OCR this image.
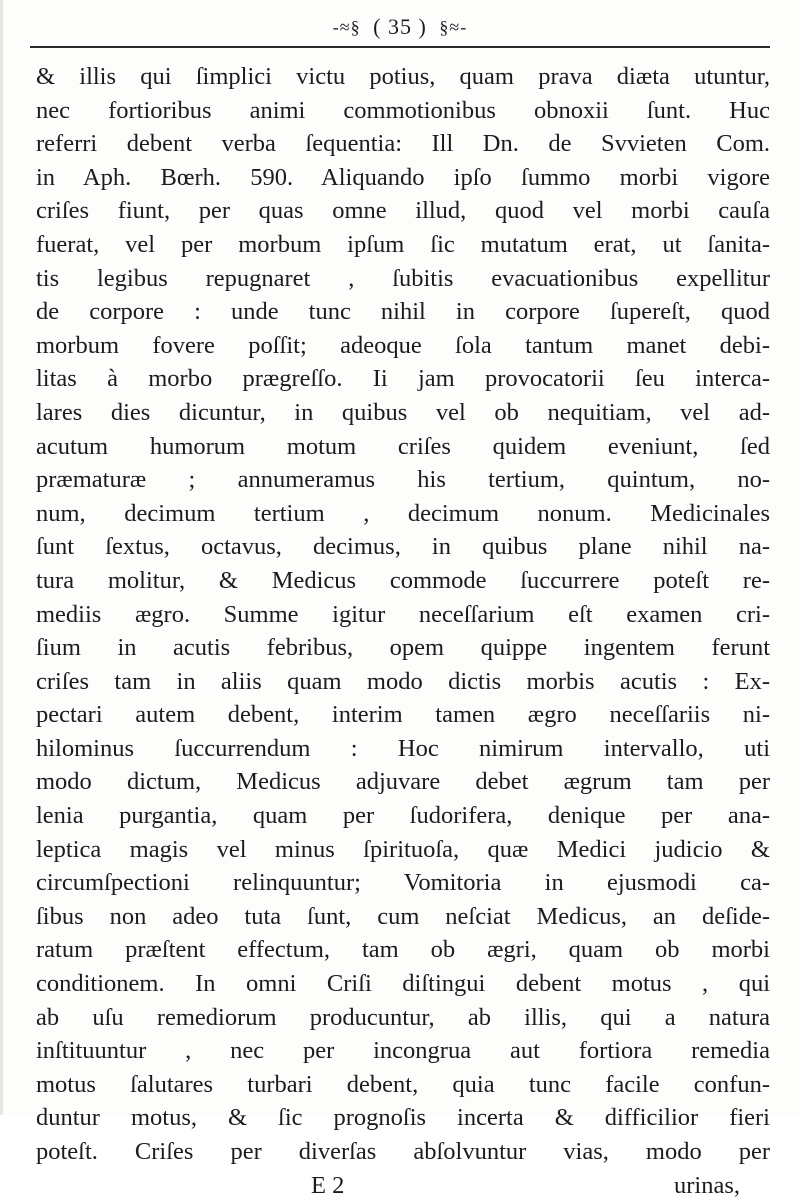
-≈§ ( 35 ) §≈-
& illis qui ſimplici victu potius, quam prava diæta utuntur,
nec fortioribus animi commotionibus obnoxii ſunt. Huc
referri debent verba ſequentia: Ill Dn. de Svvieten Com.
in Aph. Bœrh. 590. Aliquando ipſo ſummo morbi vigore
criſes fiunt, per quas omne illud, quod vel morbi cauſa
fuerat, vel per morbum ipſum ſic mutatum erat, ut ſanita-
tis legibus repugnaret , ſubitis evacuationibus expellitur
de corpore : unde tunc nihil in corpore ſupereſt, quod
morbum fovere poſſit; adeoque ſola tantum manet debi-
litas à morbo prægreſſo. Ii jam provocatorii ſeu interca-
lares dies dicuntur, in quibus vel ob nequitiam, vel ad-
acutum humorum motum criſes quidem eveniunt, ſed
præmaturæ ; annumeramus his tertium, quintum, no-
num, decimum tertium , decimum nonum. Medicinales
ſunt ſextus, octavus, decimus, in quibus plane nihil na-
tura molitur, & Medicus commode ſuccurrere poteſt re-
mediis ægro. Summe igitur neceſſarium eſt examen cri-
ſium in acutis febribus, opem quippe ingentem ferunt
criſes tam in aliis quam modo dictis morbis acutis : Ex-
pectari autem debent, interim tamen ægro neceſſariis ni-
hilominus ſuccurrendum : Hoc nimirum intervallo, uti
modo dictum, Medicus adjuvare debet ægrum tam per
lenia purgantia, quam per ſudorifera, denique per ana-
leptica magis vel minus ſpirituoſa, quæ Medici judicio &
circumſpectioni relinquuntur; Vomitoria in ejusmodi ca-
ſibus non adeo tuta ſunt, cum neſciat Medicus, an deſide-
ratum præſtent effectum, tam ob ægri, quam ob morbi
conditionem. In omni Criſi diſtingui debent motus , qui
ab uſu remediorum producuntur, ab illis, qui a natura
inſtituuntur , nec per incongrua aut fortiora remedia
motus ſalutares turbari debent, quia tunc facile confun-
duntur motus, & ſic prognoſis incerta & difficilior fieri
poteſt. Criſes per diverſas abſolvuntur vias, modo per
E 2	urinas,
